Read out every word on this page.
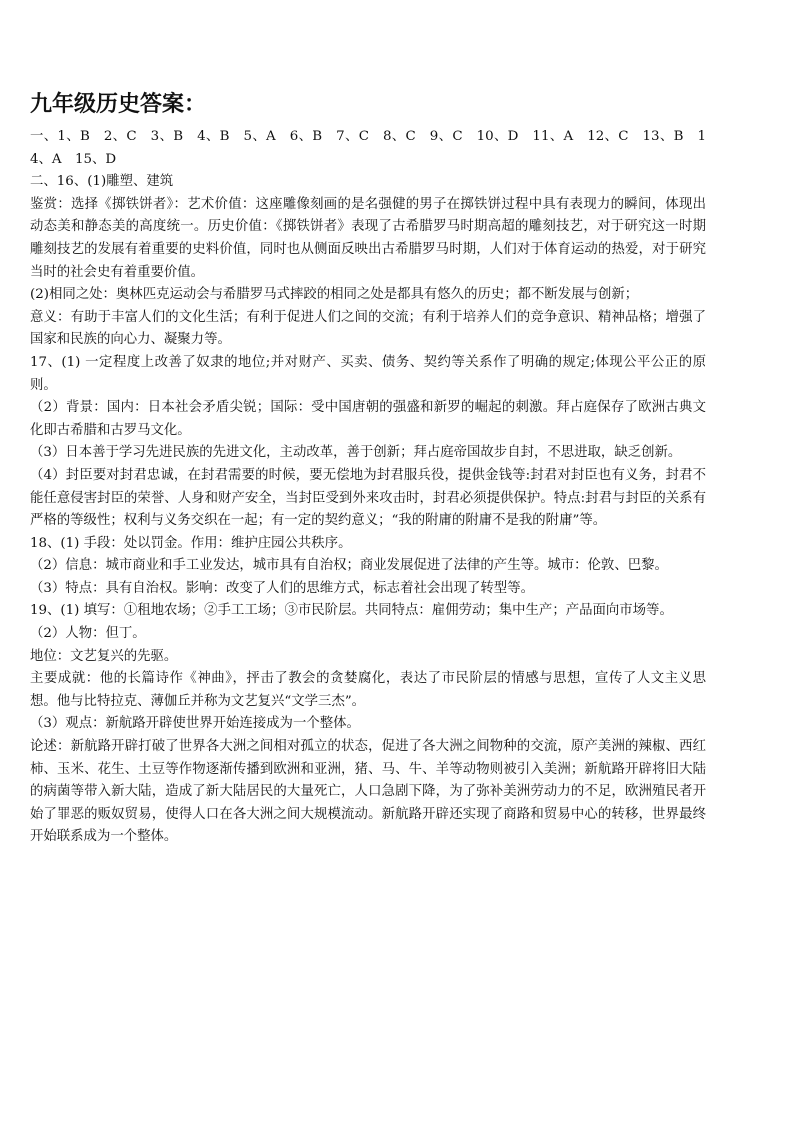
九年级历史答案：

一、1、B　2、C　3、B　4、B　5、A　6、B　7、C　8、C　9、C　10、D　11、A　12、C　13、B　14、A　15、D

二、16、(1)雕塑、建筑

鉴赏：选择《掷铁饼者》：艺术价值：这座雕像刻画的是名强健的男子在掷铁饼过程中具有表现力的瞬间，体现出动态美和静态美的高度统一。历史价值：《掷铁饼者》表现了古希腊罗马时期高超的雕刻技艺，对于研究这一时期雕刻技艺的发展有着重要的史料价值，同时也从侧面反映出古希腊罗马时期，人们对于体育运动的热爱，对于研究当时的社会史有着重要价值。

(2)相同之处：奥林匹克运动会与希腊罗马式摔跤的相同之处是都具有悠久的历史；都不断发展与创新；

意义：有助于丰富人们的文化生活；有利于促进人们之间的交流；有利于培养人们的竞争意识、精神品格；增强了国家和民族的向心力、凝聚力等。

17、(1) 一定程度上改善了奴隶的地位;并对财产、买卖、债务、契约等关系作了明确的规定;体现公平公正的原则。

（2）背景：国内：日本社会矛盾尖锐；国际：受中国唐朝的强盛和新罗的崛起的刺激。拜占庭保存了欧洲古典文化即古希腊和古罗马文化。

（3）日本善于学习先进民族的先进文化，主动改革，善于创新；拜占庭帝国故步自封，不思进取，缺乏创新。

（4）封臣要对封君忠诚，在封君需要的时候，要无偿地为封君服兵役，提供金钱等:封君对封臣也有义务，封君不能任意侵害封臣的荣誉、人身和财产安全，当封臣受到外来攻击时，封君必须提供保护。特点:封君与封臣的关系有严格的等级性；权利与义务交织在一起；有一定的契约意义；“我的附庸的附庸不是我的附庸”等。

18、(1) 手段：处以罚金。作用：维护庄园公共秩序。

（2）信息：城市商业和手工业发达，城市具有自治权；商业发展促进了法律的产生等。城市：伦敦、巴黎。

（3）特点：具有自治权。影响：改变了人们的思维方式，标志着社会出现了转型等。

19、(1) 填写：①租地农场；②手工工场；③市民阶层。共同特点：雇佣劳动；集中生产；产品面向市场等。

（2）人物：但丁。

地位：文艺复兴的先驱。

主要成就：他的长篇诗作《神曲》，抨击了教会的贪婪腐化，表达了市民阶层的情感与思想，宣传了人文主义思想。他与比特拉克、薄伽丘并称为文艺复兴“文学三杰”。

（3）观点：新航路开辟使世界开始连接成为一个整体。

论述：新航路开辟打破了世界各大洲之间相对孤立的状态，促进了各大洲之间物种的交流，原产美洲的辣椒、西红柿、玉米、花生、土豆等作物逐渐传播到欧洲和亚洲，猪、马、牛、羊等动物则被引入美洲；新航路开辟将旧大陆的病菌等带入新大陆，造成了新大陆居民的大量死亡，人口急剧下降，为了弥补美洲劳动力的不足，欧洲殖民者开始了罪恶的贩奴贸易，使得人口在各大洲之间大规模流动。新航路开辟还实现了商路和贸易中心的转移，世界最终开始联系成为一个整体。
